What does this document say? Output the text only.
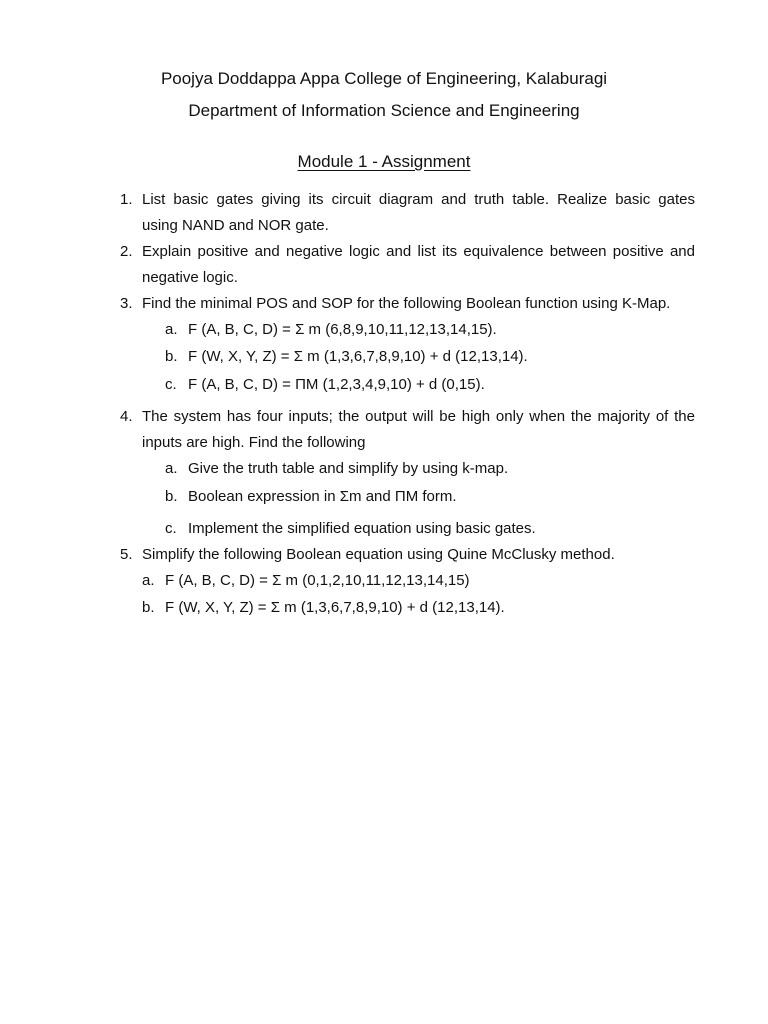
Poojya Doddappa Appa College of Engineering, Kalaburagi
Department of Information Science and Engineering
Module 1 - Assignment
1. List basic gates giving its circuit diagram and truth table. Realize basic gates
using NAND and NOR gate.
2. Explain positive and negative logic and list its equivalence between positive and
negative logic.
3. Find the minimal POS and SOP for the following Boolean function using K-Map.
a. F (A, B, C, D) = Σ m (6,8,9,10,11,12,13,14,15).
b. F (W, X, Y, Z) = Σ m (1,3,6,7,8,9,10) + d (12,13,14).
c. F (A, B, C, D) = ΠM (1,2,3,4,9,10) + d (0,15).
4. The system has four inputs; the output will be high only when the majority of the
inputs are high. Find the following
a. Give the truth table and simplify by using k-map.
b. Boolean expression in Σm and ΠM form.
c. Implement the simplified equation using basic gates.
5. Simplify the following Boolean equation using Quine McClusky method.
a. F (A, B, C, D) = Σ m (0,1,2,10,11,12,13,14,15)
b. F (W, X, Y, Z) = Σ m (1,3,6,7,8,9,10) + d (12,13,14).
